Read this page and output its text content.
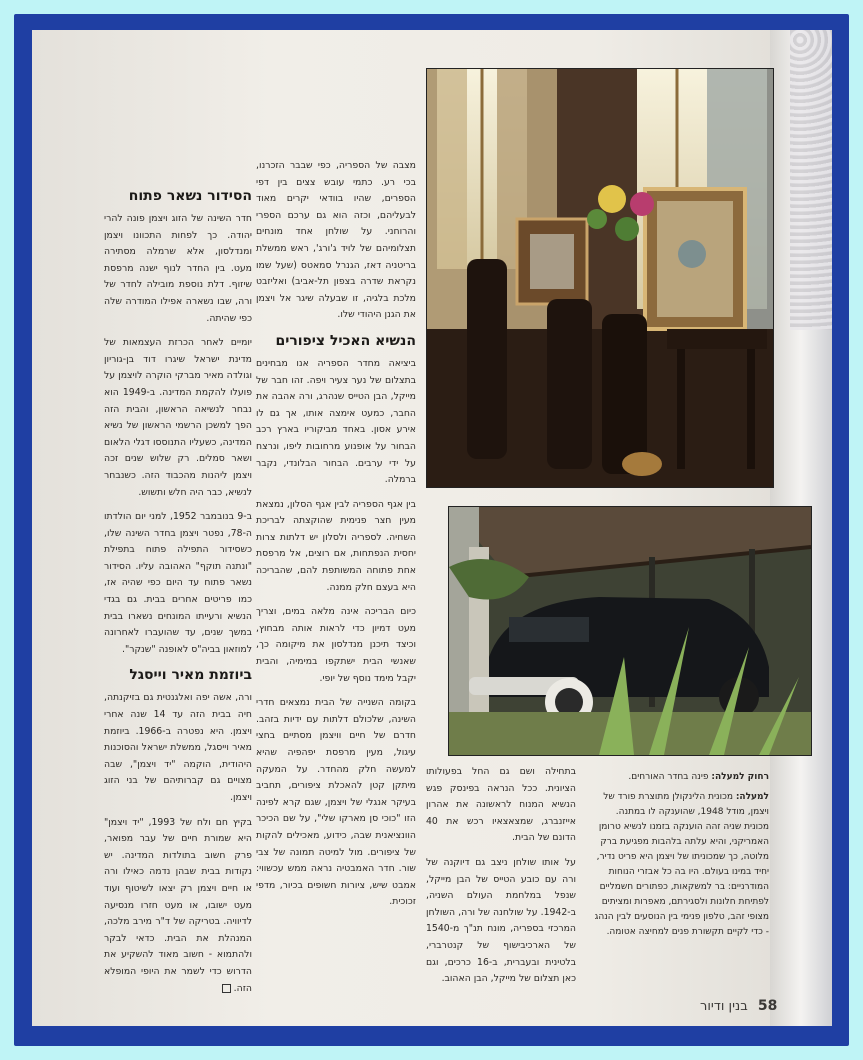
מצבה של הספריה, כפי שבבר הזכרנו, בכי רע. כתמי עובש צצים בין דפי הספרים, שהיו בוודאי יקרים מאוד לבעליהם, וכזה הוא גם ערכם הספרי והרוחני. על שולחן אחד מונחים תצלומיהם של לויד ג'ורג', ראש ממשלת בריטניה דאז, הגנרל סמאטס (שעל שמו נקראת שדרה בצפון תל-אביב) ואליזבט מלכת בלגיה, זו שבעלה שיגר אל ויצמן את הגנן היהודי שלו.

הנשיא האכיל ציפורים

ביציאה מחדר הספריה אנו מבחינים בתצלום של נער צעיר ויפה. זהו חבר של מייקל, הבן הטייס שנהרג, ורה אהבה את החבר, כמעט אימצה אותו, אך גם לו אירע אסון. באחד מביקוריו בארץ רכב הבחור על אופנוע מרחובות ליפו, ונרצח על ידי ערבים. הבחור הבלונדי, נקבר ברמלה.

בין אגף הספריה לבין אגף הסלון, נמצאת מעין חצר פנימית שהוקצתה לבריכת השחיה. לספריה ולסלון יש דלתות צרות יחסית הנפתחות, אם רוצים, אל מרפסת אחת פתוחה המשותפת להם, שהבריכה היא בעצם חלק ממנה.

כיום הבריכה אינה מלאה במים, וצריך מעט דמיון כדי לראות אותה מבחוץ, וכיצד תיכנן מנדלסון את מיקומה כך, שאנשי הבית ישתקפו במימיה, והבית יקבל מימד נוסף של יופי.

בקומה השנייה של הבית נמצאים חדרי השינה, שלכולם דלתות עם ידיות בזהב. חדרם של חיים וויצמן מסתיים בחצי עיגול, מעין מרפסת יפהפיה שהיא למעשה חלק מהחדר. על המעקה מיתקן קטן להאכלת ציפורים, תחביב בעיקר אנגלי של ויצמן, שגם קרא לפינה הזו "כוכי סן מארקו שלי", על שם הכיכר הוונציאנית שבה, כידוע, מאכילים להקות של ציפורים. מול למיטה תמונה של צבי שור. חדר האמבטיה נראה ממש עכשווי: אמבט שיש, ציורות חשופים בכיור, מדפי זכוכית.

הסידור נשאר פתוח

חדר השינה של הזוג ויצמן פונה להרי יהודה. כך לפחות התכוונו ויצמן ומנדלסון, אלא שרמלה מסתירה מעט. בין החדר לנוף ישנה מרפסת שיזוף. דלת נוספת מובילה לחדר של ורה, שבו נשארה אפילו המודרה שלה כפי שהיתה.

יומיים לאחר הכרזת העצמאות של מדינת ישראל שיגרו דוד בן-גוריון וגולדה מאיר מברקי הוקרה לויצמן על פועלו להקמת המדינה. ב-1949 הוא נבחר לנשיאה הראשון, והבית הזה הפך למשכן הרשמי הראשון של נשיא המדינה, כשעליו התנוססו דגלי הלאום ושאר סמלים. רק שלוש שנים זכה ויצמן ליהנות מהכבוד הזה. כשנבחר לנשיא, כבר היה חלש ותשוש.

ב-9 בנובמבר 1952, למני יום הולדתו ה-78, נפטר ויצמן בחדר השינה שלו, כשסידור התפילה פתוח בתפילת "ונתנה תוקף" האהובה עליו. הסידור נשאר פתוח עד היום כפי שהיה אז, כמו פריטים אחרים בבית. גם בגדי הנשיא ורעייתו המונחים נשארו בבית במשך שנים, עד שהועברו לאחרונה למוזאון בביה"ס לאופנה "שנקר".

ביוזמת מאיר וייסגל

ורה, אשה יפה ואלגנטית גם בזיקנתה, חיה בבית הזה עד 14 שנה אחרי ויצמן. היא נפטרה ב-1966. ביוזמת מאיר וייסגל, ממשלת ישראל והסוכנות היהודית, הוקמה "יד ויצמן", שבה מצויים גם קברותיהם של בני הזוג ויצמן.

בקיץ חם ולח של 1993, "יד ויצמן" היא שמורת חיים של עבר מפואר, פרק חשוב בתולדות המדינה. יש נקודות בבית שבהן נדמה כאילו ורה או חיים ויצמן רק יצאו לשיטוף ועוד מעט ישובו, או מעט חזרו מנסיעה לדיוויה. בטריקה של ד"ר מירב מלכה, המנהלת את הבית. כדאי לבקר ולהתמוא - חשוב מאוד להשקיע את הדרוש כדי לשמר את היופי המופלא הזה.

בתחילה ושם גם החל בפעולותו הציונית. ככל הנראה בפינסק פגש הנשיא המנוח לראשונה את אהרון אייזנברג, שמצאצאיו רכש את 40 הדונם של הבית.

על אותו שולחן ניצב גם דיוקנה של ורה עם כובע הטייס של הבן מייקל, שנפל במלחמת העולם השניה, ב-1942. על שולחנה של ורה, השולחן המרכזי בספריה, מונח תנ"ך מ-1540 של הארכיבישוף של קנטרברי, בלטינית ובעברית, ב-16 כרכים, וגם כאן תצלום של מייקל, הבן האהוב.

רחוק למעלה: פינה בחדר האורחים.

למעלה: מכונית הלינקולן מתוצרת פורד של ויצמן, מודל 1948, שהוענקה לו במתנה. מכונית שניה זהה הוענקה בזמנו לנשיא טרומן האמריקני, והיא עלתה בלהבות מפגיעת ברק מלוטה, כך שמכוניתו של ויצמן היא פריט נדיר, יחיד במינו בעולם. היו בה כל אבזרי הנוחות המודרניים: בר למשקאות, כפתורים חשמליים לפתיחת חלונות ולסגירתם, מאפרות ומציתים מצופי זהב, טלפון פנימי בין הנוסעים לבין הנהג - כדי לקיים תקשורת פנים למחיצה אטומה.

58 בנין ודיור
